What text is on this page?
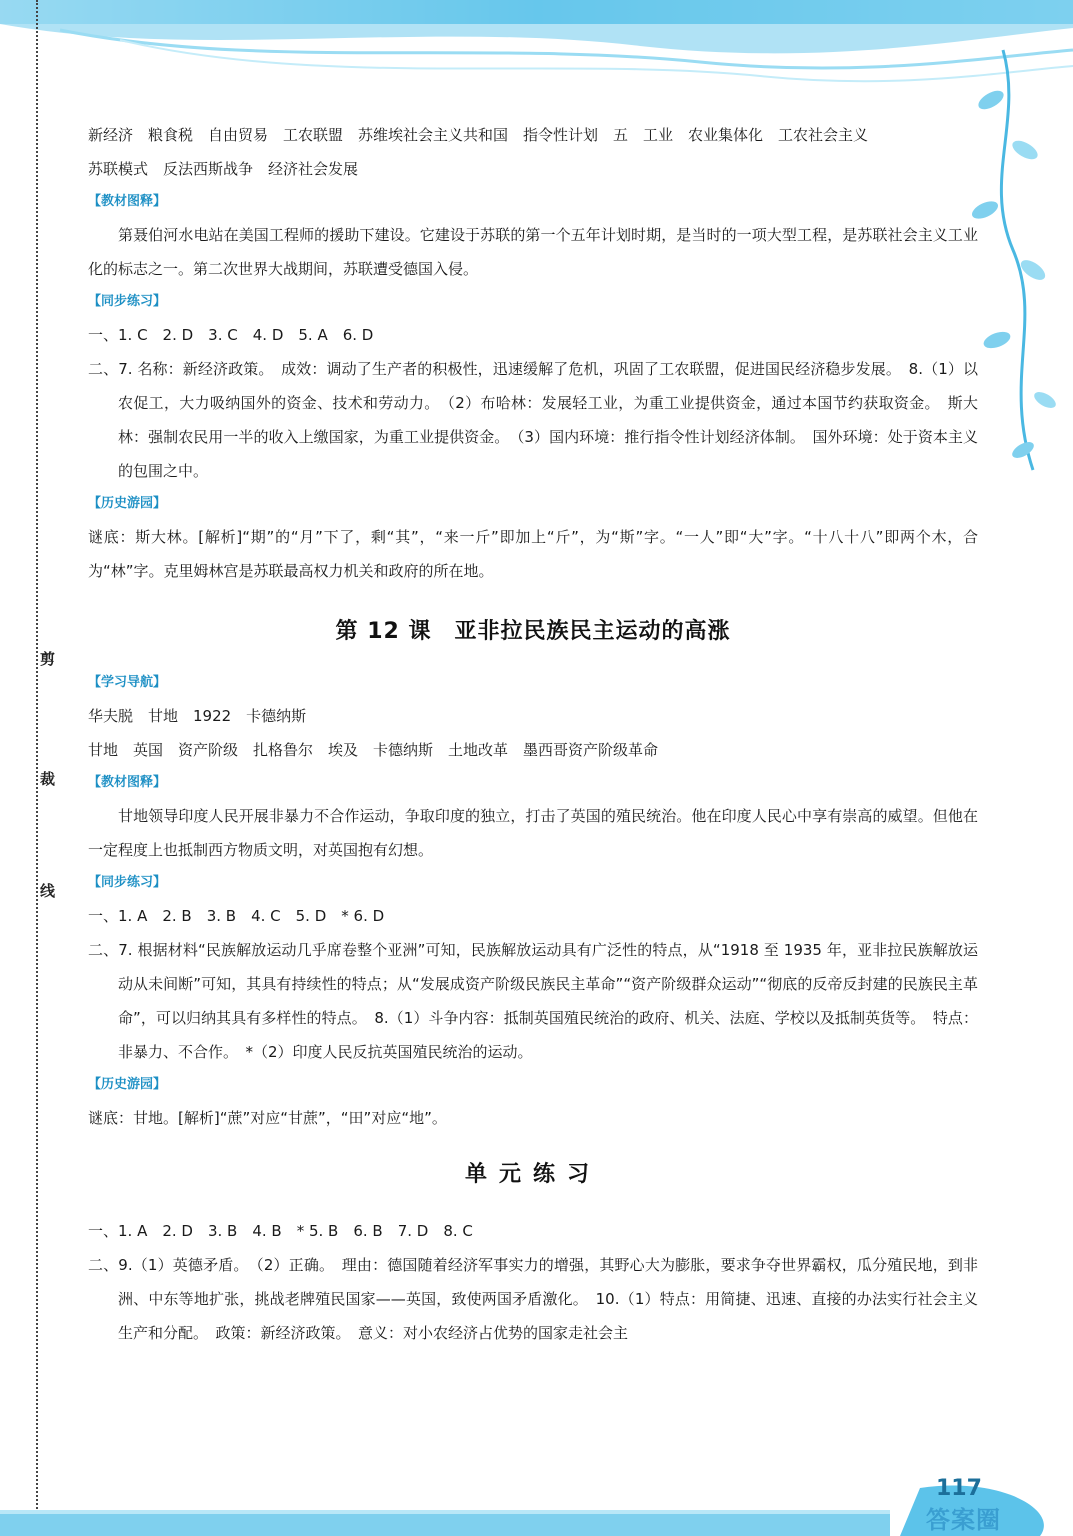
剪
裁
线

新经济　粮食税　自由贸易　工农联盟　苏维埃社会主义共和国　指令性计划　五　工业　农业集体化　工农社会主义

苏联模式　反法西斯战争　经济社会发展

【教材图释】

第聂伯河水电站在美国工程师的援助下建设。它建设于苏联的第一个五年计划时期，是当时的一项大型工程，是苏联社会主义工业化的标志之一。第二次世界大战期间，苏联遭受德国入侵。

【同步练习】

一、1. C　2. D　3. C　4. D　5. A　6. D

二、7. 名称：新经济政策。　成效：调动了生产者的积极性，迅速缓解了危机，巩固了工农联盟，促进国民经济稳步发展。　8.（1）以农促工，大力吸纳国外的资金、技术和劳动力。　（2）布哈林：发展轻工业，为重工业提供资金，通过本国节约获取资金。　斯大林：强制农民用一半的收入上缴国家，为重工业提供资金。　（3）国内环境：推行指令性计划经济体制。　国外环境：处于资本主义的包围之中。

【历史游园】

谜底：斯大林。[解析]“期”的“月”下了，剩“其”，“来一斤”即加上“斤”，为“斯”字。“一人”即“大”字。“十八十八”即两个木，合为“林”字。克里姆林宫是苏联最高权力机关和政府的所在地。

第 12 课　亚非拉民族民主运动的高涨

【学习导航】

华夫脱　甘地　1922　卡德纳斯

甘地　英国　资产阶级　扎格鲁尔　埃及　卡德纳斯　土地改革　墨西哥资产阶级革命

【教材图释】

甘地领导印度人民开展非暴力不合作运动，争取印度的独立，打击了英国的殖民统治。他在印度人民心中享有崇高的威望。但他在一定程度上也抵制西方物质文明，对英国抱有幻想。

【同步练习】

一、1. A　2. B　3. B　4. C　5. D　* 6. D

二、7. 根据材料“民族解放运动几乎席卷整个亚洲”可知，民族解放运动具有广泛性的特点，从“1918 至 1935 年，亚非拉民族解放运动从未间断”可知，其具有持续性的特点；从“发展成资产阶级民族民主革命”“资产阶级群众运动”“彻底的反帝反封建的民族民主革命”，可以归纳其具有多样性的特点。　8.（1）斗争内容：抵制英国殖民统治的政府、机关、法庭、学校以及抵制英货等。　特点：非暴力、不合作。　*（2）印度人民反抗英国殖民统治的运动。

【历史游园】

谜底：甘地。[解析]“蔗”对应“甘蔗”，“田”对应“地”。

单元练习

一、1. A　2. D　3. B　4. B　* 5. B　6. B　7. D　8. C

二、9.（1）英德矛盾。　（2）正确。　理由：德国随着经济军事实力的增强，其野心大为膨胀，要求争夺世界霸权，瓜分殖民地，到非洲、中东等地扩张，挑战老牌殖民国家——英国，致使两国矛盾激化。　10.（1）特点：用简捷、迅速、直接的办法实行社会主义生产和分配。　政策：新经济政策。　意义：对小农经济占优势的国家走社会主

117
答案圈
